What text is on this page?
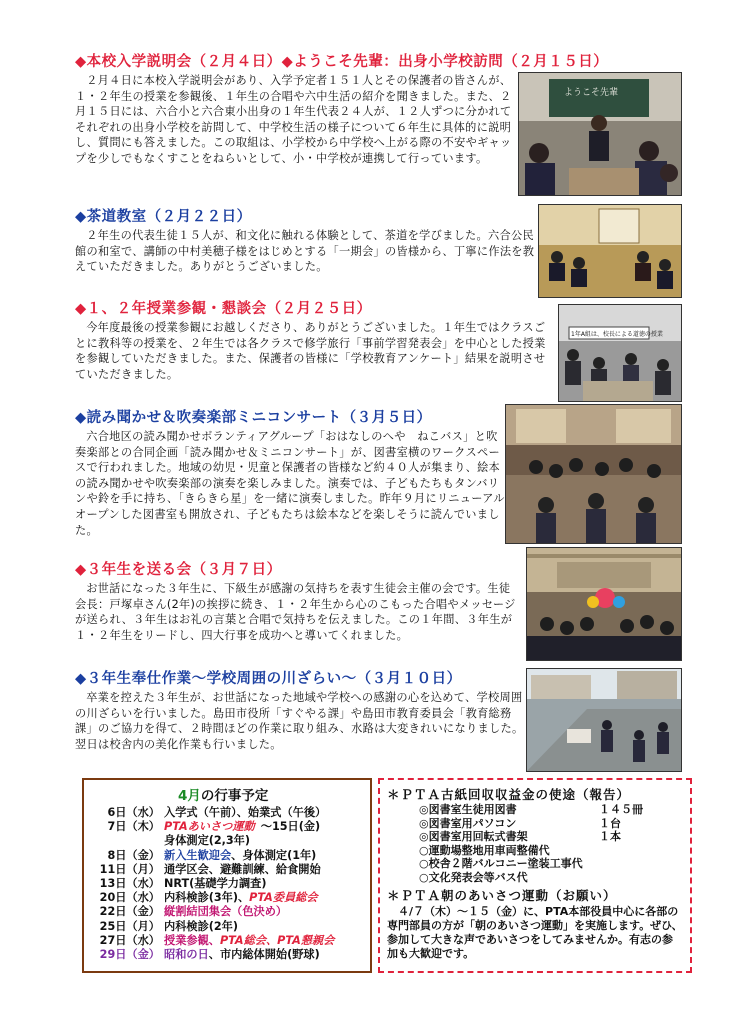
◆本校入学説明会（２月４日）◆ようこそ先輩：出身小学校訪問（２月１５日）

２月４日に本校入学説明会があり、入学予定者１５１人とその保護者の皆さんが、１・２年生の授業を参観後、１年生の合唱や六中生活の紹介を聞きました。また、２月１５日には、六合小と六合東小出身の１年生代表２４人が、１２人ずつに分かれてそれぞれの出身小学校を訪問して、中学校生活の様子について６年生に具体的に説明し、質問にも答えました。この取組は、小学校から中学校へ上がる際の不安やギャップを少しでもなくすことをねらいとして、小・中学校が連携して行っています。

ようこそ先輩
◆茶道教室（２月２２日）

２年生の代表生徒１５人が、和文化に触れる体験として、茶道を学びました。六合公民館の和室で、講師の中村美穂子様をはじめとする「一期会」の皆様から、丁寧に作法を教えていただきました。ありがとうございました。

◆１、２年授業参観・懇談会（２月２５日）

今年度最後の授業参観にお越しくださり、ありがとうございました。１年生ではクラスごとに教科等の授業を、２年生では各クラスで修学旅行「事前学習発表会」を中心とした授業を参観していただきました。また、保護者の皆様に「学校教育アンケート」結果を説明させていただきました。

1年A組は、校長による道徳の授業
◆読み聞かせ＆吹奏楽部ミニコンサート（３月５日）

六合地区の読み聞かせボランティアグループ「おはなしのへや　ねこバス」と吹奏楽部との合同企画「読み聞かせ＆ミニコンサート」が、図書室横のワークスペースで行われました。地域の幼児・児童と保護者の皆様など約４０人が集まり、絵本の読み聞かせや吹奏楽部の演奏を楽しみました。演奏では、子どもたちもタンバリンや鈴を手に持ち、「きらきら星」を一緒に演奏しました。昨年９月にリニューアルオープンした図書室も開放され、子どもたちは絵本などを楽しそうに読んでいました。

◆３年生を送る会（３月７日）

お世話になった３年生に、下級生が感謝の気持ちを表す生徒会主催の会です。生徒会長：戸塚卓さん(2年)の挨拶に続き、１・２年生から心のこもった合唱やメッセージが送られ、３年生はお礼の言葉と合唱で気持ちを伝えました。この１年間、３年生が１・２年生をリードし、四大行事を成功へと導いてくれました。

◆３年生奉仕作業～学校周囲の川ざらい～（３月１０日）

卒業を控えた３年生が、お世話になった地域や学校への感謝の心を込めて、学校周囲の川ざらいを行いました。島田市役所「すぐやる課」や島田市教育委員会「教育総務課」のご協力を得て、２時間ほどの作業に取り組み、水路は大変きれいになりました。翌日は校舎内の美化作業も行いました。

4月の行事予定
6日（水） 入学式（午前）、始業式（午後）
7日（木） PTAあいさつ運動 ～15日(金)
身体測定(2,3年)
8日（金） 新入生歓迎会、身体測定(1年)
11日（月） 通学区会、避難訓練、給食開始
13日（水） NRT(基礎学力調査)
20日（水） 内科検診(3年)、PTA委員総会
22日（金） 縦割結団集会（色決め）
25日（月） 内科検診(2年)
27日（水） 授業参観、PTA総会、PTA懇親会
29日（金） 昭和の日、市内総体開始(野球)
＊ＰＴＡ古紙回収収益金の使途（報告）
◎図書室生徒用図書	１４５冊
◎図書室用パソコン	１台
◎図書室用回転式書架	１本
○運動場整地用車両整備代
○校舎２階バルコニー塗装工事代
○文化発表会等バス代
＊ＰＴＡ朝のあいさつ運動（お願い）
４/７（木）～１５（金）に、PTA本部役員中心に各部の専門部員の方が「朝のあいさつ運動」を実施します。ぜひ、参加して大きな声であいさつをしてみませんか。有志の参加も大歓迎です。
